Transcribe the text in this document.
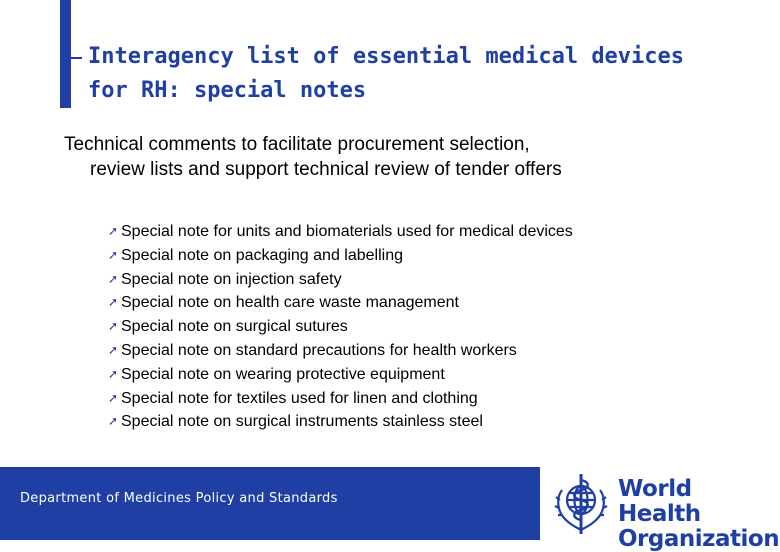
Interagency list of essential medical devices
for RH: special notes

Technical comments to facilitate procurement selection,
review lists and support technical review of tender offers

➚ Special note for units and biomaterials used for medical devices
➚ Special note on packaging and labelling
➚ Special note on injection safety
➚ Special note on health care waste management
➚ Special note on surgical sutures
➚ Special note on standard precautions for health workers
➚ Special note on wearing protective equipment
➚ Special note for textiles used for linen and clothing
➚ Special note on surgical instruments stainless steel
Department of Medicines Policy and Standards	World Health
Organization
